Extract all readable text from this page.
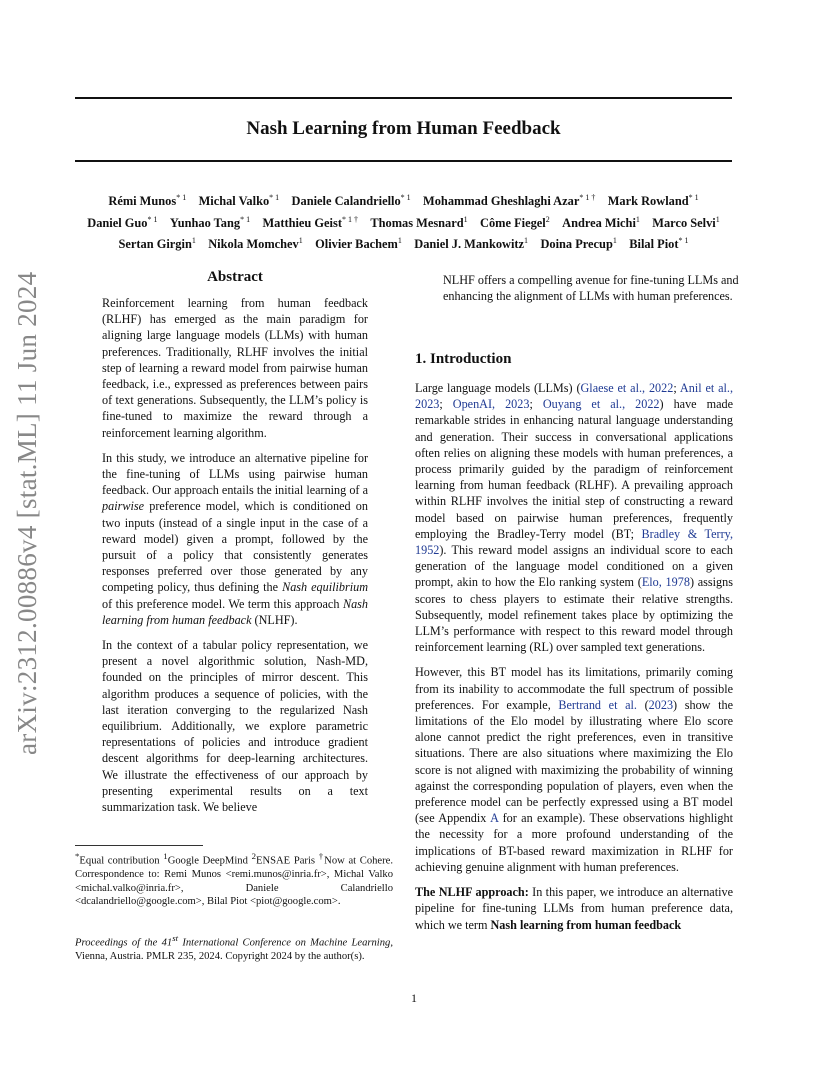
arXiv:2312.00886v4 [stat.ML] 11 Jun 2024
Nash Learning from Human Feedback
Rémi Munos$^{* 1}$  Michal Valko$^{* 1}$  Daniele Calandriello$^{* 1}$  Mohammad Gheshlaghi Azar$^{* 1 \dagger}$  Mark Rowland$^{* 1}$
Daniel Guo$^{* 1}$  Yunhao Tang$^{* 1}$  Matthieu Geist$^{* 1 \dagger}$  Thomas Mesnard$^1$  Côme Fiegel$^2$  Andrea Michi$^1$  Marco Selvi$^1$
Sertan Girgin$^1$  Nikola Momchev$^1$  Olivier Bachem$^1$  Daniel J. Mankowitz$^1$  Doina Precup$^1$  Bilal Piot$^{* 1}$
Abstract

Reinforcement learning from human feedback (RLHF) has emerged as the main paradigm for aligning large language models (LLMs) with human preferences. Traditionally, RLHF involves the initial step of learning a reward model from pairwise human feedback, i.e., expressed as preferences between pairs of text generations. Subsequently, the LLM’s policy is fine-tuned to maximize the reward through a reinforcement learning algorithm.

In this study, we introduce an alternative pipeline for the fine-tuning of LLMs using pairwise human feedback. Our approach entails the initial learning of a pairwise preference model, which is conditioned on two inputs (instead of a single input in the case of a reward model) given a prompt, followed by the pursuit of a policy that consistently generates responses preferred over those generated by any competing policy, thus defining the Nash equilibrium of this preference model. We term this approach Nash learning from human feedback (NLHF).

In the context of a tabular policy representation, we present a novel algorithmic solution, Nash-MD, founded on the principles of mirror descent. This algorithm produces a sequence of policies, with the last iteration converging to the regularized Nash equilibrium. Additionally, we explore parametric representations of policies and introduce gradient descent algorithms for deep-learning architectures. We illustrate the effectiveness of our approach by presenting experimental results on a text summarization task. We believe

*Equal contribution $^1$Google DeepMind $^2$ENSAE Paris †Now at Cohere. Correspondence to: Remi Munos <remi.munos@inria.fr>, Michal Valko <michal.valko@inria.fr>, Daniele Calandriello <dcalandriello@google.com>, Bilal Piot <piot@google.com>.
Proceedings of the 41st International Conference on Machine Learning, Vienna, Austria. PMLR 235, 2024. Copyright 2024 by the author(s).
NLHF offers a compelling avenue for fine-tuning LLMs and enhancing the alignment of LLMs with human preferences.
1. Introduction

Large language models (LLMs) (Glaese et al., 2022; Anil et al., 2023; OpenAI, 2023; Ouyang et al., 2022) have made remarkable strides in enhancing natural language understanding and generation. Their success in conversational applications often relies on aligning these models with human preferences, a process primarily guided by the paradigm of reinforcement learning from human feedback (RLHF). A prevailing approach within RLHF involves the initial step of constructing a reward model based on pairwise human preferences, frequently employing the Bradley-Terry model (BT; Bradley & Terry, 1952). This reward model assigns an individual score to each generation of the language model conditioned on a given prompt, akin to how the Elo ranking system (Elo, 1978) assigns scores to chess players to estimate their relative strengths. Subsequently, model refinement takes place by optimizing the LLM’s performance with respect to this reward model through reinforcement learning (RL) over sampled text generations.

However, this BT model has its limitations, primarily coming from its inability to accommodate the full spectrum of possible preferences. For example, Bertrand et al. (2023) show the limitations of the Elo model by illustrating where Elo score alone cannot predict the right preferences, even in transitive situations. There are also situations where maximizing the Elo score is not aligned with maximizing the probability of winning against the corresponding population of players, even when the preference model can be perfectly expressed using a BT model (see Appendix A for an example). These observations highlight the necessity for a more profound understanding of the implications of BT-based reward maximization in RLHF for achieving genuine alignment with human preferences.

The NLHF approach: In this paper, we introduce an alternative pipeline for fine-tuning LLMs from human preference data, which we term Nash learning from human feedback

1
